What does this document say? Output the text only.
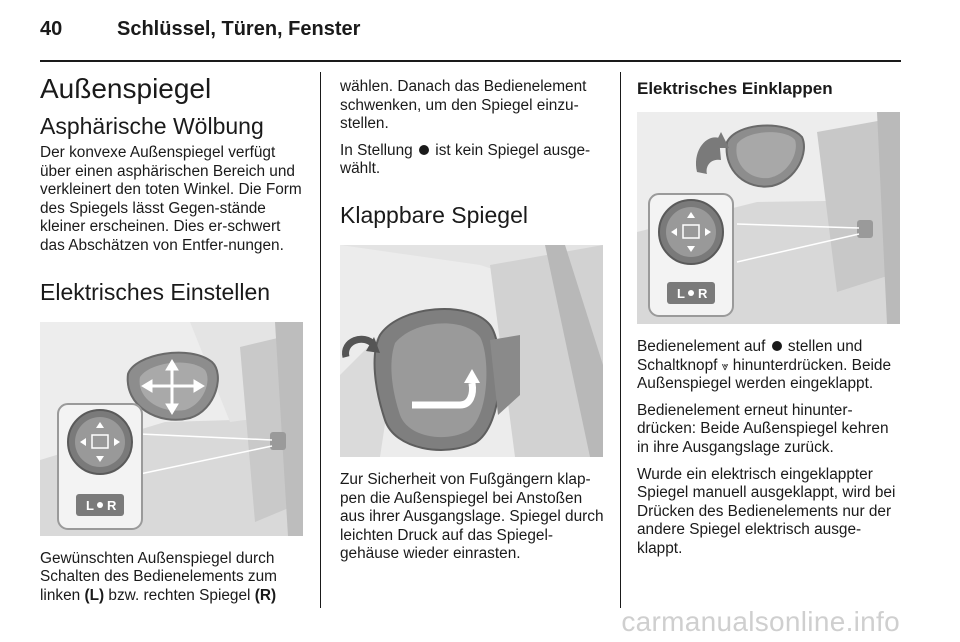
40	Schlüssel, Türen, Fenster
Außenspiegel
Asphärische Wölbung

Der konvexe Außenspiegel verfügt über einen asphärischen Bereich und verkleinert den toten Winkel. Die Form des Spiegels lässt Gegen-stände kleiner erscheinen. Dies er-schwert das Abschätzen von Entfer-nungen.

Elektrisches Einstellen
L R

Gewünschten Außenspiegel durch Schalten des Bedienelements zum linken (L) bzw. rechten Spiegel (R)

wählen. Danach das Bedienelement schwenken, um den Spiegel einzu-stellen.

In Stellung  ist kein Spiegel ausge-wählt.

Klappbare Spiegel

Zur Sicherheit von Fußgängern klap-pen die Außenspiegel bei Anstoßen aus ihrer Ausgangslage. Spiegel durch leichten Druck auf das Spiegel-gehäuse wieder einrasten.

Elektrisches Einklappen
L R

Bedienelement auf  stellen und Schaltknopf ⩔ hinunterdrücken. Beide Außenspiegel werden eingeklappt.

Bedienelement erneut hinunter-drücken: Beide Außenspiegel kehren in ihre Ausgangslage zurück.

Wurde ein elektrisch eingeklappter Spiegel manuell ausgeklappt, wird bei Drücken des Bedienelements nur der andere Spiegel elektrisch ausge-klappt.

carmanualsonline.info
